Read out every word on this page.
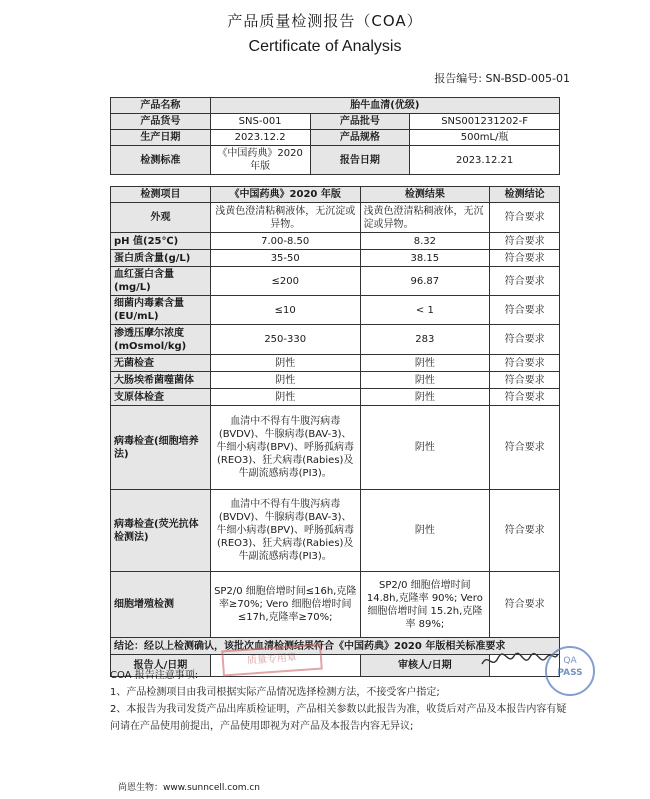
产品质量检测报告（COA）
Certificate of Analysis
报告编号: SN-BSD-005-01
产品名称	胎牛血清(优级)		
产品货号	SNS-001	产品批号	SNS001231202-F
生产日期	2023.12.2	产品规格	500mL/瓶
检测标准	《中国药典》2020 年版	报告日期	2023.12.21
检测项目	《中国药典》2020 年版	检测结果	检测结论
外观	浅黄色澄清粘稠液体，无沉淀或异物。	浅黄色澄清粘稠液体，无沉淀或异物。	符合要求
pH 值(25℃)	7.00-8.50	8.32	符合要求
蛋白质含量(g/L)	35-50	38.15	符合要求
血红蛋白含量(mg/L)	≤200	96.87	符合要求
细菌内毒素含量(EU/mL)	≤10	< 1	符合要求
渗透压摩尔浓度 (mOsmol/kg)	250-330	283	符合要求
无菌检查	阴性	阴性	符合要求
大肠埃希菌噬菌体	阴性	阴性	符合要求
支原体检查	阴性	阴性	符合要求
病毒检查(细胞培养法)	血清中不得有牛腹泻病毒(BVDV)、牛腺病毒(BAV-3)、牛细小病毒(BPV)、呼肠孤病毒(REO3)、狂犬病毒(Rabies)及牛副流感病毒(PI3)。	阴性	符合要求
病毒检查(荧光抗体检测法)	血清中不得有牛腹泻病毒(BVDV)、牛腺病毒(BAV-3)、牛细小病毒(BPV)、呼肠孤病毒(REO3)、狂犬病毒(Rabies)及牛副流感病毒(PI3)。	阴性	符合要求
细胞增殖检测	SP2/0 细胞倍增时间≤16h,克隆率≥70%; Vero 细胞倍增时间≤17h,克隆率≥70%;	SP2/0 细胞倍增时间 14.8h,克隆率 90%; Vero 细胞倍增时间 15.2h,克隆率 89%;	符合要求
结论：经以上检测确认，该批次血清检测结果符合《中国药典》2020 年版相关标准要求			
报告人/日期		审核人/日期	
质量专用章	QA
PASS
COA 报告注意事项:
1、产品检测项目由我司根据实际产品情况选择检测方法，不接受客户指定;
2、本报告为我司发货产品出库质检证明，产品相关参数以此报告为准，收货后对产品及本报告内容有疑问请在产品使用前提出，产品使用即视为对产品及本报告内容无异议;
尚恩生物：www.sunncell.com.cn
